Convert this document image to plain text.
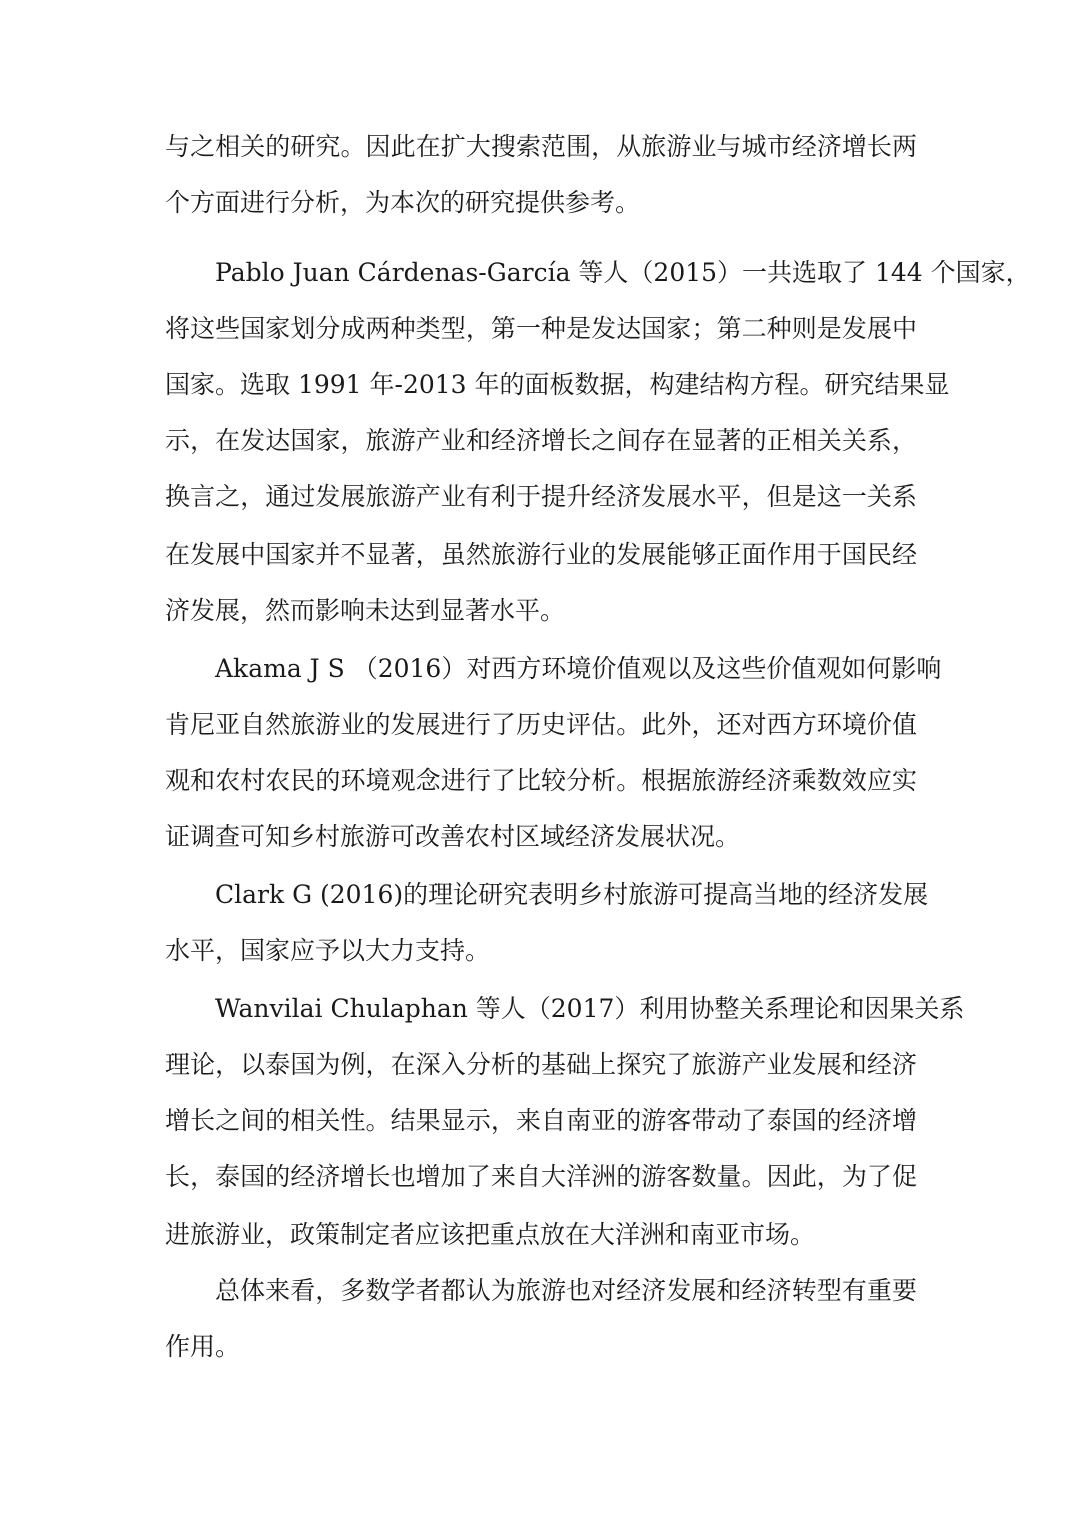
与之相关的研究。因此在扩大搜索范围，从旅游业与城市经济增长两
个方面进行分析，为本次的研究提供参考。
Pablo Juan Cárdenas-García 等人（2015）一共选取了 144 个国家，
将这些国家划分成两种类型，第一种是发达国家；第二种则是发展中
国家。选取 1991 年-2013 年的面板数据，构建结构方程。研究结果显
示，在发达国家，旅游产业和经济增长之间存在显著的正相关关系，
换言之，通过发展旅游产业有利于提升经济发展水平，但是这一关系
在发展中国家并不显著，虽然旅游行业的发展能够正面作用于国民经
济发展，然而影响未达到显著水平。
Akama J S （2016）对西方环境价值观以及这些价值观如何影响
肯尼亚自然旅游业的发展进行了历史评估。此外，还对西方环境价值
观和农村农民的环境观念进行了比较分析。根据旅游经济乘数效应实
证调查可知乡村旅游可改善农村区域经济发展状况。
Clark G (2016)的理论研究表明乡村旅游可提高当地的经济发展
水平，国家应予以大力支持。
Wanvilai Chulaphan 等人（2017）利用协整关系理论和因果关系
理论，以泰国为例，在深入分析的基础上探究了旅游产业发展和经济
增长之间的相关性。结果显示，来自南亚的游客带动了泰国的经济增
长，泰国的经济增长也增加了来自大洋洲的游客数量。因此，为了促
进旅游业，政策制定者应该把重点放在大洋洲和南亚市场。
总体来看，多数学者都认为旅游也对经济发展和经济转型有重要
作用。
